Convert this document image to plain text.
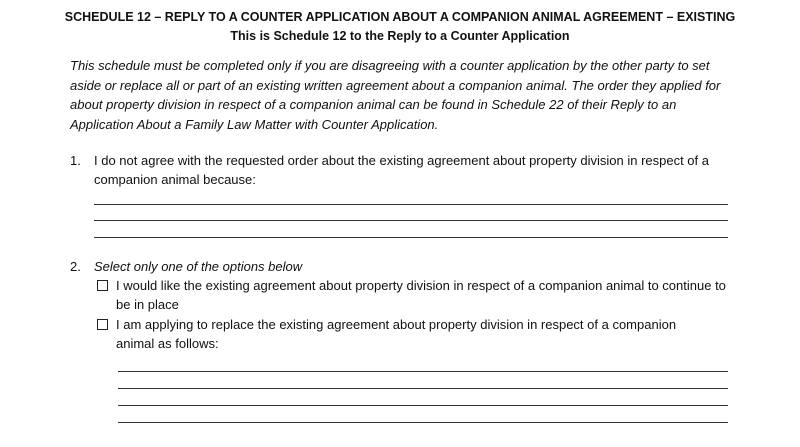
SCHEDULE 12 – REPLY TO A COUNTER APPLICATION ABOUT A COMPANION ANIMAL AGREEMENT – EXISTING
This is Schedule 12 to the Reply to a Counter Application
This schedule must be completed only if you are disagreeing with a counter application by the other party to set aside or replace all or part of an existing written agreement about a companion animal. The order they applied for about property division in respect of a companion animal can be found in Schedule 22 of their Reply to an Application About a Family Law Matter with Counter Application.
1. I do not agree with the requested order about the existing agreement about property division in respect of a companion animal because:
2. Select only one of the options below
I would like the existing agreement about property division in respect of a companion animal to continue to be in place
I am applying to replace the existing agreement about property division in respect of a companion animal as follows:
